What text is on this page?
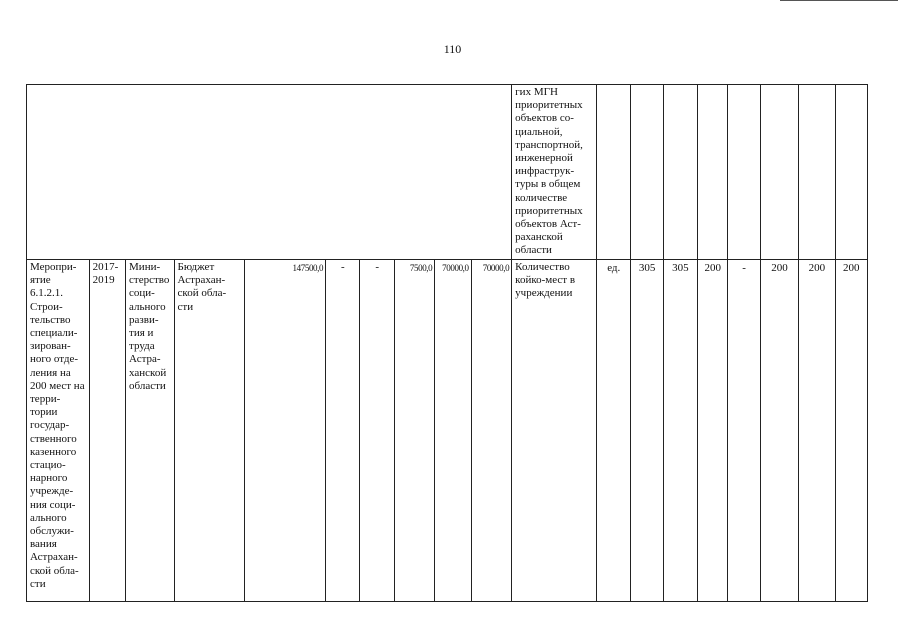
110
										гих МГН приоритетных объектов со-циальной, транспортной, инженерной инфраструк-туры в общем количестве приоритетных объектов Аст-раханской области								
Меропри-ятие 6.1.2.1. Строи-тельство специали-зирован-ного отде-ления на 200 мест на терри-тории государ-ственного казенного стацио-нарного учрежде-ния соци-ального обслужи-вания Астрахан-ской обла-сти	2017-2019	Мини-стерство соци-ального разви-тия и труда Астра-ханской области	Бюджет Астрахан-ской обла-сти	147500,0	-	-	7500,0	70000,0	70000,0	Количество койко-мест в учреждении	ед.	305	305	200	-	200	200	200
